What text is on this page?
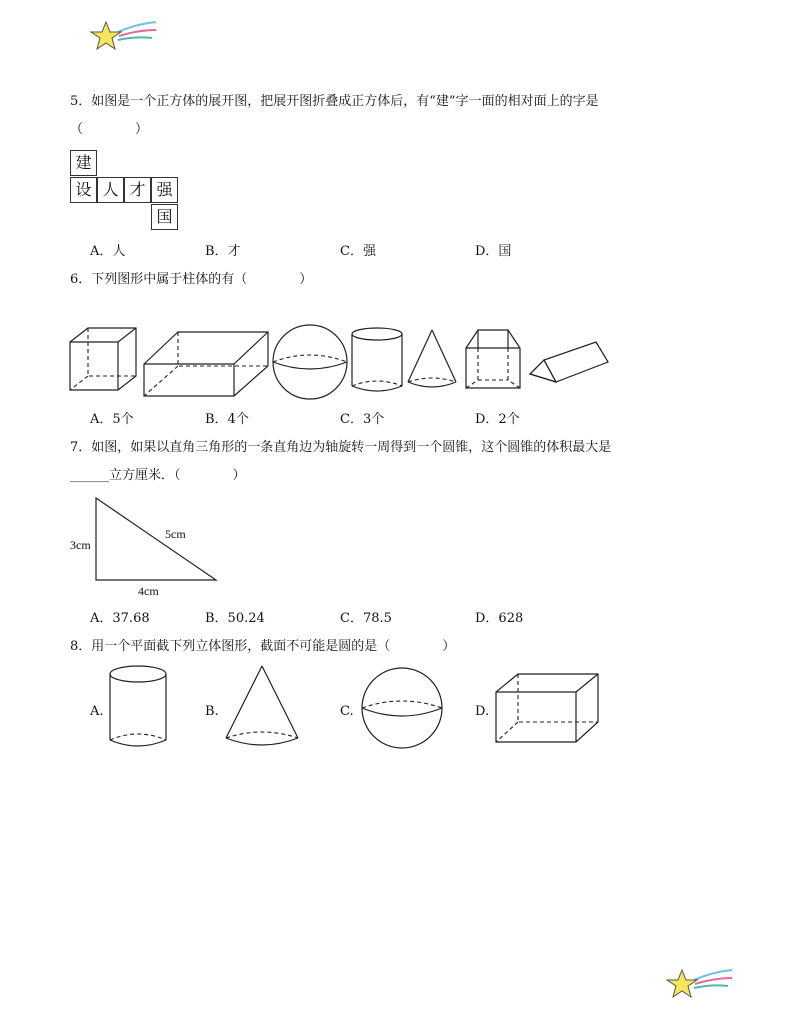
5．如图是一个正方体的展开图，把展开图折叠成正方体后，有“建”字一面的相对面上的字是
（　　　　）
建
设 人 才 强
国
A．人	B．才	C．强	D．国
6．下列图形中属于柱体的有（　　　　）
A．5个	B．4个	C．3个	D．2个
7．如图，如果以直角三角形的一条直角边为轴旋转一周得到一个圆锥，这个圆锥的体积最大是
______立方厘米．（　　　　）
3cm
5cm
4cm
A．37.68	B．50.24	C．78.5	D．628
8．用一个平面截下列立体图形，截面不可能是圆的是（　　　　）
A.	B.	C.	D.
